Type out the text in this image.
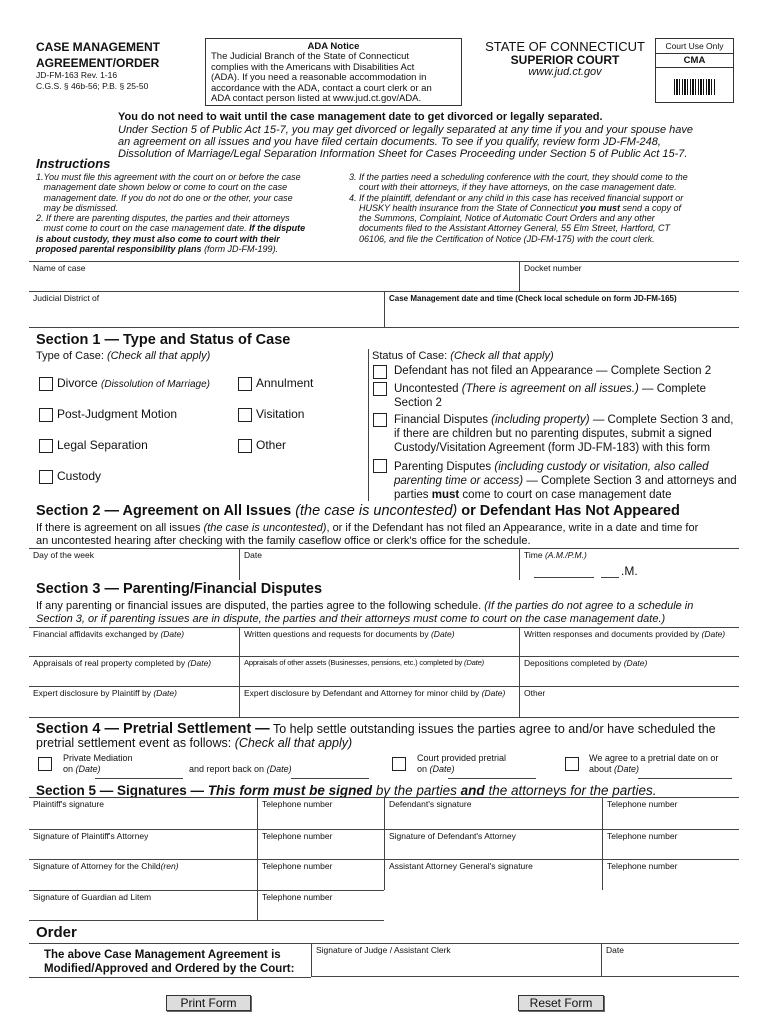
CASE MANAGEMENT
AGREEMENT/ORDER
JD-FM-163 Rev. 1-16
C.G.S. § 46b-56; P.B. § 25-50
ADA Notice
The Judicial Branch of the State of Connecticut
complies with the Americans with Disabilities Act
(ADA). If you need a reasonable accommodation in
accordance with the ADA, contact a court clerk or an
ADA contact person listed at www.jud.ct.gov/ADA.
STATE OF CONNECTICUT
SUPERIOR COURT
www.jud.ct.gov
Court Use Only
CMA
You do not need to wait until the case management date to get divorced or legally separated.
Under Section 5 of Public Act 15-7, you may get divorced or legally separated at any time if you and your spouse have
an agreement on all issues and you have filed certain documents. To see if you qualify, review form JD-FM-248,
Dissolution of Marriage/Legal Separation Information Sheet for Cases Proceeding under Section 5 of Public Act 15-7.
Instructions
1.You must file this agreement with the court on or before the case
management date shown below or come to court on the case
management date. If you do not do one or the other, your case
may be dismissed.
2. If there are parenting disputes, the parties and their attorneys
must come to court on the case management date. If the dispute
is about custody, they must also come to court with their
proposed parental responsibility plans (form JD-FM-199).
3. If the parties need a scheduling conference with the court, they should come to the
court with their attorneys, if they have attorneys, on the case management date.
4. If the plaintiff, defendant or any child in this case has received financial support or
HUSKY health insurance from the State of Connecticut you must send a copy of
the Summons, Complaint, Notice of Automatic Court Orders and any other
documents filed to the Assistant Attorney General, 55 Elm Street, Hartford, CT
06106, and file the Certification of Notice (JD-FM-175) with the court clerk.
Name of case	Docket number
Judicial District of	Case Management date and time (Check local schedule on form JD-FM-165)
Section 1 — Type and Status of Case
Type of Case: (Check all that apply)
Divorce (Dissolution of Marriage)	Annulment
Post-Judgment Motion	Visitation
Legal Separation	Other
Custody
Status of Case: (Check all that apply)
Defendant has not filed an Appearance — Complete Section 2
Uncontested (There is agreement on all issues.) — Complete
Section 2
Financial Disputes (including property) — Complete Section 3 and,
if there are children but no parenting disputes, submit a signed
Custody/Visitation Agreement (form JD-FM-183) with this form
Parenting Disputes (including custody or visitation, also called
parenting time or access) — Complete Section 3 and attorneys and
parties must come to court on case management date
Section 2 — Agreement on All Issues (the case is uncontested) or Defendant Has Not Appeared
If there is agreement on all issues (the case is uncontested), or if the Defendant has not filed an Appearance, write in a date and time for
an uncontested hearing after checking with the family caseflow office or clerk's office for the schedule.
Day of the week	Date	Time (A.M./P.M.)
.M.
Section 3 — Parenting/Financial Disputes
If any parenting or financial issues are disputed, the parties agree to the following schedule. (If the parties do not agree to a schedule in
Section 3, or if parenting issues are in dispute, the parties and their attorneys must come to court on the case management date.)
Financial affidavits exchanged by (Date)	Written questions and requests for documents by (Date)	Written responses and documents provided by (Date)
Appraisals of real property completed by (Date)	Appraisals of other assets (Businesses, pensions, etc.) completed by (Date)	Depositions completed by (Date)
Expert disclosure by Plaintiff by (Date)	Expert disclosure by Defendant and Attorney for minor child by (Date)	Other
Section 4 — Pretrial Settlement — To help settle outstanding issues the parties agree to and/or have scheduled the
pretrial settlement event as follows: (Check all that apply)
Private Mediation
on (Date)	and report back on (Date)
Court provided pretrial
on (Date)
We agree to a pretrial date on or
about (Date)
Section 5 — Signatures — This form must be signed by the parties and the attorneys for the parties.
Plaintiff's signature	Telephone number	Defendant's signature	Telephone number
Signature of Plaintiff's Attorney	Telephone number	Signature of Defendant's Attorney	Telephone number
Signature of Attorney for the Child(ren)	Telephone number	Assistant Attorney General's signature	Telephone number
Signature of Guardian ad Litem	Telephone number
Order
The above Case Management Agreement is
Modified/Approved and Ordered by the Court:
Signature of Judge / Assistant Clerk	Date
Print Form	Reset Form
